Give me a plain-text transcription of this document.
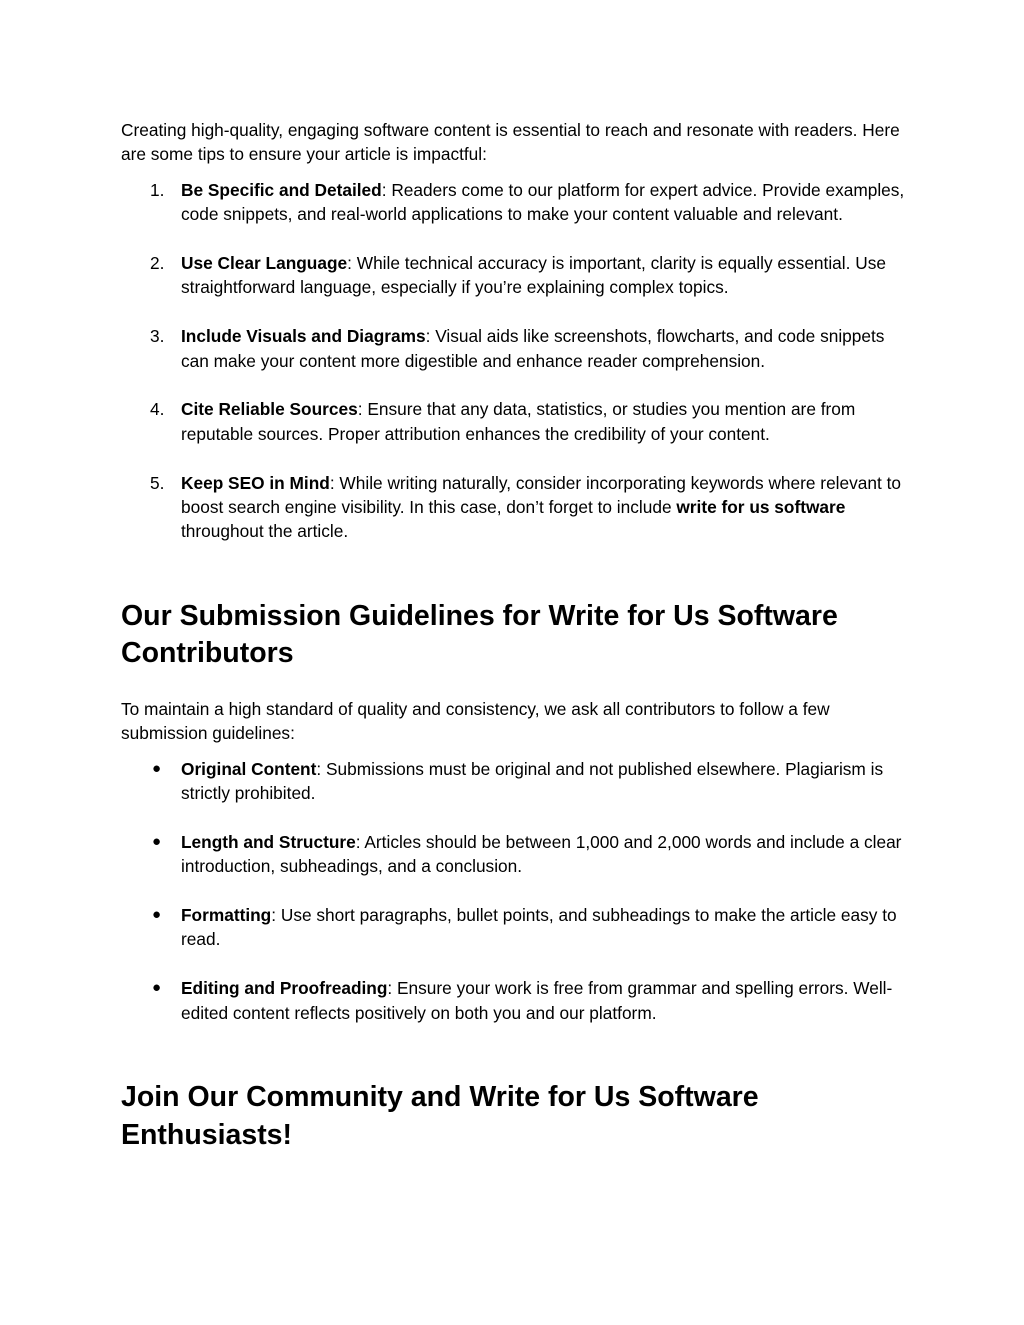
Creating high-quality, engaging software content is essential to reach and resonate with readers. Here are some tips to ensure your article is impactful:

1. Be Specific and Detailed: Readers come to our platform for expert advice. Provide examples, code snippets, and real-world applications to make your content valuable and relevant.
2. Use Clear Language: While technical accuracy is important, clarity is equally essential. Use straightforward language, especially if you’re explaining complex topics.
3. Include Visuals and Diagrams: Visual aids like screenshots, flowcharts, and code snippets can make your content more digestible and enhance reader comprehension.
4. Cite Reliable Sources: Ensure that any data, statistics, or studies you mention are from reputable sources. Proper attribution enhances the credibility of your content.
5. Keep SEO in Mind: While writing naturally, consider incorporating keywords where relevant to boost search engine visibility. In this case, don’t forget to include write for us software throughout the article.
Our Submission Guidelines for Write for Us Software Contributors

To maintain a high standard of quality and consistency, we ask all contributors to follow a few submission guidelines:

● Original Content: Submissions must be original and not published elsewhere. Plagiarism is strictly prohibited.
● Length and Structure: Articles should be between 1,000 and 2,000 words and include a clear introduction, subheadings, and a conclusion.
● Formatting: Use short paragraphs, bullet points, and subheadings to make the article easy to read.
● Editing and Proofreading: Ensure your work is free from grammar and spelling errors. Well-edited content reflects positively on both you and our platform.
Join Our Community and Write for Us Software Enthusiasts!
